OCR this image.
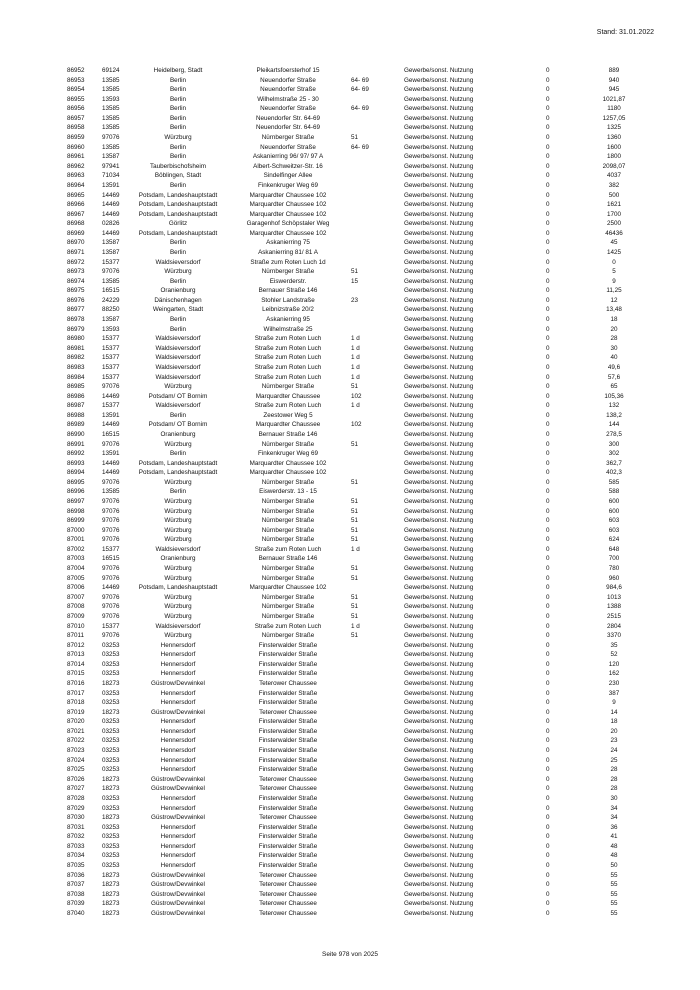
Stand: 31.01.2022
86952	69124	Heidelberg, Stadt	Pleikartsfoersterhof 15	Gewerbe/sonst. Nutzung	0	889
86953	13585	Berlin	Neuendorfer Straße	64- 69	Gewerbe/sonst. Nutzung	0	940
86954	13585	Berlin	Neuendorfer Straße	64- 69	Gewerbe/sonst. Nutzung	0	945
86955	13593	Berlin	Wilhelmstraße 25 - 30	Gewerbe/sonst. Nutzung	0	1021,87
86956	13585	Berlin	Neuendorfer Straße	64- 69	Gewerbe/sonst. Nutzung	0	1180
86957	13585	Berlin	Neuendorfer Str. 64-69	Gewerbe/sonst. Nutzung	0	1257,05
86958	13585	Berlin	Neuendorfer Str. 64-69	Gewerbe/sonst. Nutzung	0	1325
86959	97076	Würzburg	Nürnberger Straße	51	Gewerbe/sonst. Nutzung	0	1360
86960	13585	Berlin	Neuendorfer Straße	64- 69	Gewerbe/sonst. Nutzung	0	1600
86961	13587	Berlin	Askanierring 96/ 97/ 97 A	Gewerbe/sonst. Nutzung	0	1800
86962	97941	Tauberbischofsheim	Albert-Schweitzer-Str. 16	Gewerbe/sonst. Nutzung	0	2098,07
86963	71034	Böblingen, Stadt	Sindelfinger Allee	Gewerbe/sonst. Nutzung	0	4037
86964	13591	Berlin	Finkenkruger Weg 69	Gewerbe/sonst. Nutzung	0	382
86965	14469	Potsdam, Landeshauptstadt	Marquardter Chaussee 102	Gewerbe/sonst. Nutzung	0	500
86966	14469	Potsdam, Landeshauptstadt	Marquardter Chaussee 102	Gewerbe/sonst. Nutzung	0	1621
86967	14469	Potsdam, Landeshauptstadt	Marquardter Chaussee 102	Gewerbe/sonst. Nutzung	0	1700
86968	02826	Görlitz	Garagenhof Schöpstaler Weg	Gewerbe/sonst. Nutzung	0	2500
86969	14469	Potsdam, Landeshauptstadt	Marquardter Chaussee 102	Gewerbe/sonst. Nutzung	0	46436
86970	13587	Berlin	Askanierring 75	Gewerbe/sonst. Nutzung	0	45
86971	13587	Berlin	Askanierring 81/ 81 A	Gewerbe/sonst. Nutzung	0	1425
86972	15377	Waldsieversdorf	Straße zum Roten Luch 1d	Gewerbe/sonst. Nutzung	0	0
86973	97076	Würzburg	Nürnberger Straße	51	Gewerbe/sonst. Nutzung	0	5
86974	13585	Berlin	Eiswerderstr.	15	Gewerbe/sonst. Nutzung	0	9
86975	16515	Oranienburg	Bernauer Straße 146	Gewerbe/sonst. Nutzung	0	11,25
86976	24229	Dänischenhagen	Stohler Landstraße	23	Gewerbe/sonst. Nutzung	0	12
86977	88250	Weingarten, Stadt	Leibnizstraße 20/2	Gewerbe/sonst. Nutzung	0	13,48
86978	13587	Berlin	Askanierring 95	Gewerbe/sonst. Nutzung	0	18
86979	13593	Berlin	Wilhelmstraße 25	Gewerbe/sonst. Nutzung	0	20
86980	15377	Waldsieversdorf	Straße zum Roten Luch	1 d	Gewerbe/sonst. Nutzung	0	28
86981	15377	Waldsieversdorf	Straße zum Roten Luch	1 d	Gewerbe/sonst. Nutzung	0	30
86982	15377	Waldsieversdorf	Straße zum Roten Luch	1 d	Gewerbe/sonst. Nutzung	0	40
86983	15377	Waldsieversdorf	Straße zum Roten Luch	1 d	Gewerbe/sonst. Nutzung	0	49,6
86984	15377	Waldsieversdorf	Straße zum Roten Luch	1 d	Gewerbe/sonst. Nutzung	0	57,6
86985	97076	Würzburg	Nürnberger Straße	51	Gewerbe/sonst. Nutzung	0	65
86986	14469	Potsdam/ OT Bornim	Marquardter Chaussee	102	Gewerbe/sonst. Nutzung	0	105,36
86987	15377	Waldsieversdorf	Straße zum Roten Luch	1 d	Gewerbe/sonst. Nutzung	0	132
86988	13591	Berlin	Zeestower Weg 5	Gewerbe/sonst. Nutzung	0	138,2
86989	14469	Potsdam/ OT Bornim	Marquardter Chaussee	102	Gewerbe/sonst. Nutzung	0	144
86990	16515	Oranienburg	Bernauer Straße 146	Gewerbe/sonst. Nutzung	0	278,5
86991	97076	Würzburg	Nürnberger Straße	51	Gewerbe/sonst. Nutzung	0	300
86992	13591	Berlin	Finkenkruger Weg 69	Gewerbe/sonst. Nutzung	0	302
86993	14469	Potsdam, Landeshauptstadt	Marquardter Chaussee 102	Gewerbe/sonst. Nutzung	0	362,7
86994	14469	Potsdam, Landeshauptstadt	Marquardter Chaussee 102	Gewerbe/sonst. Nutzung	0	402,3
86995	97076	Würzburg	Nürnberger Straße	51	Gewerbe/sonst. Nutzung	0	585
86996	13585	Berlin	Eiswerderstr. 13 - 15	Gewerbe/sonst. Nutzung	0	588
86997	97076	Würzburg	Nürnberger Straße	51	Gewerbe/sonst. Nutzung	0	600
86998	97076	Würzburg	Nürnberger Straße	51	Gewerbe/sonst. Nutzung	0	600
86999	97076	Würzburg	Nürnberger Straße	51	Gewerbe/sonst. Nutzung	0	603
87000	97076	Würzburg	Nürnberger Straße	51	Gewerbe/sonst. Nutzung	0	603
87001	97076	Würzburg	Nürnberger Straße	51	Gewerbe/sonst. Nutzung	0	624
87002	15377	Waldsieversdorf	Straße zum Roten Luch	1 d	Gewerbe/sonst. Nutzung	0	648
87003	16515	Oranienburg	Bernauer Straße 146	Gewerbe/sonst. Nutzung	0	700
87004	97076	Würzburg	Nürnberger Straße	51	Gewerbe/sonst. Nutzung	0	780
87005	97076	Würzburg	Nürnberger Straße	51	Gewerbe/sonst. Nutzung	0	960
87006	14469	Potsdam, Landeshauptstadt	Marquardter Chaussee 102	Gewerbe/sonst. Nutzung	0	984,6
87007	97076	Würzburg	Nürnberger Straße	51	Gewerbe/sonst. Nutzung	0	1013
87008	97076	Würzburg	Nürnberger Straße	51	Gewerbe/sonst. Nutzung	0	1388
87009	97076	Würzburg	Nürnberger Straße	51	Gewerbe/sonst. Nutzung	0	2515
87010	15377	Waldsieversdorf	Straße zum Roten Luch	1 d	Gewerbe/sonst. Nutzung	0	2804
87011	97076	Würzburg	Nürnberger Straße	51	Gewerbe/sonst. Nutzung	0	3370
87012	03253	Hennersdorf	Finsterwalder Straße	Gewerbe/sonst. Nutzung	0	35
87013	03253	Hennersdorf	Finsterwalder Straße	Gewerbe/sonst. Nutzung	0	52
87014	03253	Hennersdorf	Finsterwalder Straße	Gewerbe/sonst. Nutzung	0	120
87015	03253	Hennersdorf	Finsterwalder Straße	Gewerbe/sonst. Nutzung	0	162
87016	18273	Güstrow/Devwinkel	Teterower Chaussee	Gewerbe/sonst. Nutzung	0	230
87017	03253	Hennersdorf	Finsterwalder Straße	Gewerbe/sonst. Nutzung	0	387
87018	03253	Hennersdorf	Finsterwalder Straße	Gewerbe/sonst. Nutzung	0	9
87019	18273	Güstrow/Devwinkel	Teterower Chaussee	Gewerbe/sonst. Nutzung	0	14
87020	03253	Hennersdorf	Finsterwalder Straße	Gewerbe/sonst. Nutzung	0	18
87021	03253	Hennersdorf	Finsterwalder Straße	Gewerbe/sonst. Nutzung	0	20
87022	03253	Hennersdorf	Finsterwalder Straße	Gewerbe/sonst. Nutzung	0	23
87023	03253	Hennersdorf	Finsterwalder Straße	Gewerbe/sonst. Nutzung	0	24
87024	03253	Hennersdorf	Finsterwalder Straße	Gewerbe/sonst. Nutzung	0	25
87025	03253	Hennersdorf	Finsterwalder Straße	Gewerbe/sonst. Nutzung	0	28
87026	18273	Güstrow/Devwinkel	Teterower Chaussee	Gewerbe/sonst. Nutzung	0	28
87027	18273	Güstrow/Devwinkel	Teterower Chaussee	Gewerbe/sonst. Nutzung	0	28
87028	03253	Hennersdorf	Finsterwalder Straße	Gewerbe/sonst. Nutzung	0	30
87029	03253	Hennersdorf	Finsterwalder Straße	Gewerbe/sonst. Nutzung	0	34
87030	18273	Güstrow/Devwinkel	Teterower Chaussee	Gewerbe/sonst. Nutzung	0	34
87031	03253	Hennersdorf	Finsterwalder Straße	Gewerbe/sonst. Nutzung	0	36
87032	03253	Hennersdorf	Finsterwalder Straße	Gewerbe/sonst. Nutzung	0	41
87033	03253	Hennersdorf	Finsterwalder Straße	Gewerbe/sonst. Nutzung	0	48
87034	03253	Hennersdorf	Finsterwalder Straße	Gewerbe/sonst. Nutzung	0	48
87035	03253	Hennersdorf	Finsterwalder Straße	Gewerbe/sonst. Nutzung	0	50
87036	18273	Güstrow/Devwinkel	Teterower Chaussee	Gewerbe/sonst. Nutzung	0	55
87037	18273	Güstrow/Devwinkel	Teterower Chaussee	Gewerbe/sonst. Nutzung	0	55
87038	18273	Güstrow/Devwinkel	Teterower Chaussee	Gewerbe/sonst. Nutzung	0	55
87039	18273	Güstrow/Devwinkel	Teterower Chaussee	Gewerbe/sonst. Nutzung	0	55
87040	18273	Güstrow/Devwinkel	Teterower Chaussee	Gewerbe/sonst. Nutzung	0	55
Seite 978 von 2025
